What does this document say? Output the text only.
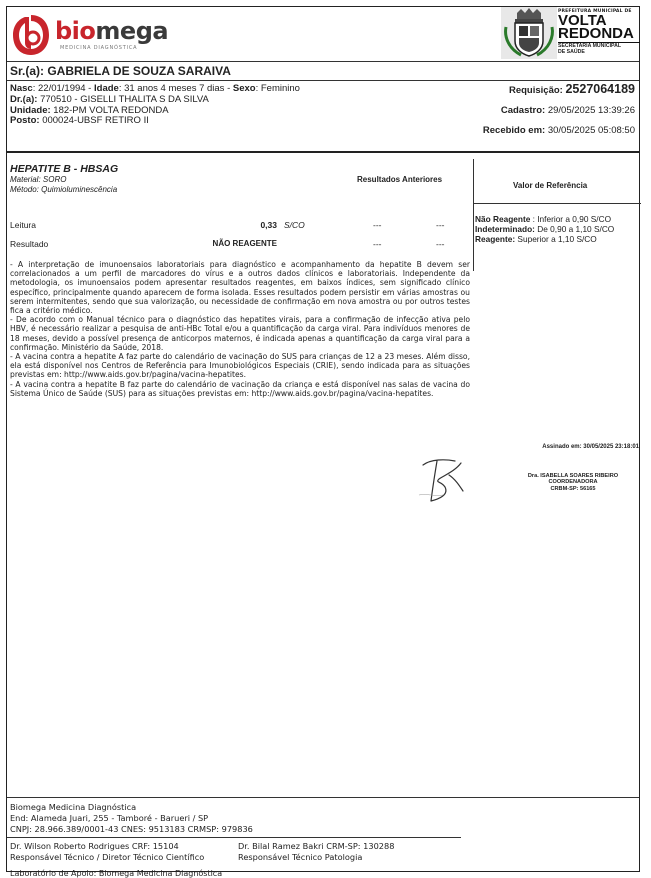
biomega
MEDICINA DIAGNÓSTICA
PREFEITURA MUNICIPAL DE
VOLTA
REDONDA
SECRETARIA MUNICIPAL
DE SAÚDE
Sr.(a): GABRIELA DE SOUZA SARAIVA
Nasc: 22/01/1994 - Idade: 31 anos 4 meses 7 dias - Sexo: Feminino
Dr.(a): 770510 - GISELLI THALITA S DA SILVA
Unidade: 182-PM VOLTA REDONDA
Posto: 000024-UBSF RETIRO II
Requisição: 2527064189
Cadastro: 29/05/2025 13:39:26
Recebido em: 30/05/2025 05:08:50
HEPATITE B - HBSAG
Material: SORO
Método: Quimioluminescência
Resultados Anteriores
Valor de Referência
Leitura	0,33 S/CO	---	---
Resultado	NÃO REAGENTE	---	---
Não Reagente : Inferior a 0,90 S/CO
Indeterminado: De 0,90 a 1,10 S/CO
Reagente: Superior a 1,10 S/CO

- A interpretação de imunoensaios laboratoriais para diagnóstico e acompanhamento da hepatite B devem ser correlacionados a um perfil de marcadores do vírus e a outros dados clínicos e laboratoriais. Independente da metodologia, os imunoensaios podem apresentar resultados reagentes, em baixos índices, sem significado clínico específico, principalmente quando aparecem de forma isolada. Esses resultados podem persistir em várias amostras ou serem intermitentes, sendo que sua valorização, ou necessidade de confirmação em nova amostra ou por outros testes fica a critério médico.

- De acordo com o Manual técnico para o diagnóstico das hepatites virais, para a confirmação de infecção ativa pelo HBV, é necessário realizar a pesquisa de anti-HBc Total e/ou a quantificação da carga viral. Para indivíduos menores de 18 meses, devido a possível presença de anticorpos maternos, é indicada apenas a quantificação da carga viral para a confirmação. Ministério da Saúde, 2018.

- A vacina contra a hepatite A faz parte do calendário de vacinação do SUS para crianças de 12 a 23 meses. Além disso, ela está disponível nos Centros de Referência para Imunobiológicos Especiais (CRIE), sendo indicada para as situações previstas em: http://www.aids.gov.br/pagina/vacina-hepatites.

- A vacina contra a hepatite B faz parte do calendário de vacinação da criança e está disponível nas salas de vacina do Sistema Único de Saúde (SUS) para as situações previstas em: http://www.aids.gov.br/pagina/vacina-hepatites.

Assinado em: 30/05/2025 23:18:01
Dra. ISABELLA SOARES RIBEIRO
COORDENADORA
CRBM-SP: 56165
Biomega Medicina Diagnóstica
End: Alameda Juari, 255 - Tamboré - Barueri / SP
CNPJ: 28.966.389/0001-43 CNES: 9513183 CRMSP: 979836
Dr. Wilson Roberto Rodrigues CRF: 15104
Responsável Técnico / Diretor Técnico Científico
Dr. Bilal Ramez Bakri CRM-SP: 130288
Responsável Técnico Patologia
Laboratório de Apoio: Biomega Medicina Diagnóstica
